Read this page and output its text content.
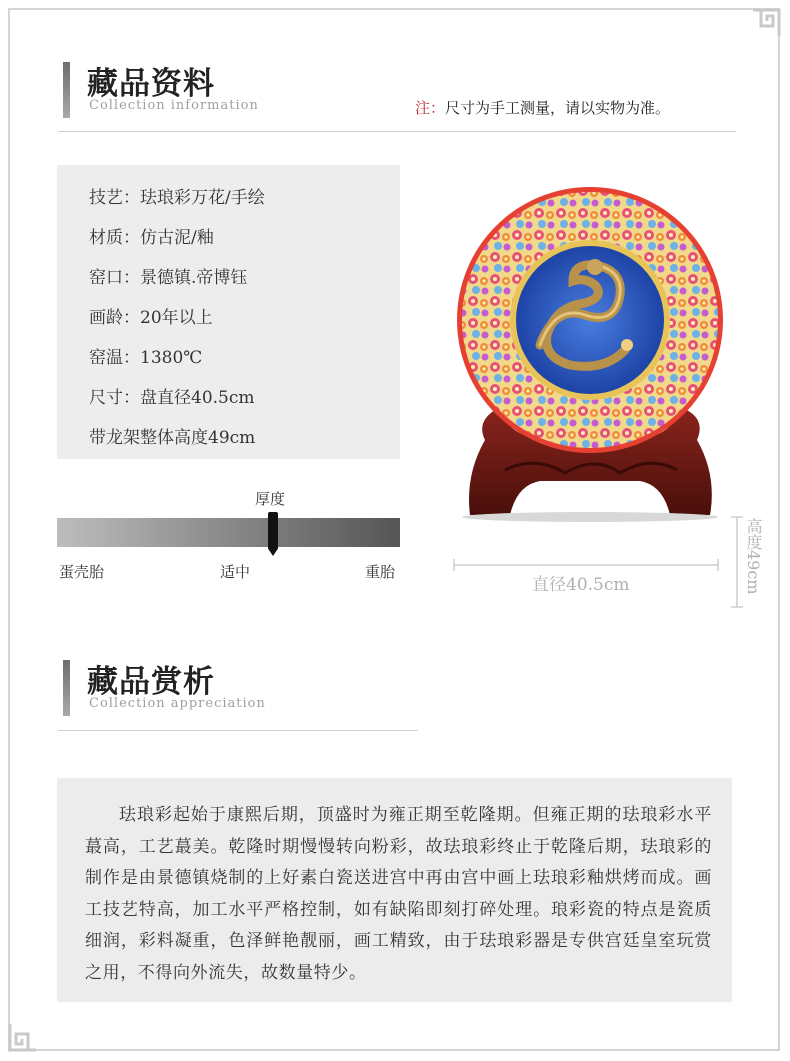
藏品资料
Collection information	注：尺寸为手工测量，请以实物为准。
技艺：珐琅彩万花/手绘
材质：仿古泥/釉
窑口：景德镇.帝博钰
画龄：20年以上
窑温：1380℃
尺寸：盘直径40.5cm
带龙架整体高度49cm
厚度
蛋壳胎	适中	重胎
直径40.5cm	高度49cm
藏品赏析
Collection appreciation

珐琅彩起始于康熙后期，顶盛时为雍正期至乾隆期。但雍正期的珐琅彩水平蕞高，工艺蕞美。乾隆时期慢慢转向粉彩，故珐琅彩终止于乾隆后期，珐琅彩的制作是由景德镇烧制的上好素白瓷送进宫中再由宫中画上珐琅彩釉烘烤而成。画工技艺特高，加工水平严格控制，如有缺陷即刻打碎处理。琅彩瓷的特点是瓷质细润，彩料凝重，色泽鲜艳靓丽，画工精致，由于珐琅彩器是专供宫廷皇室玩赏之用，不得向外流失，故数量特少。
